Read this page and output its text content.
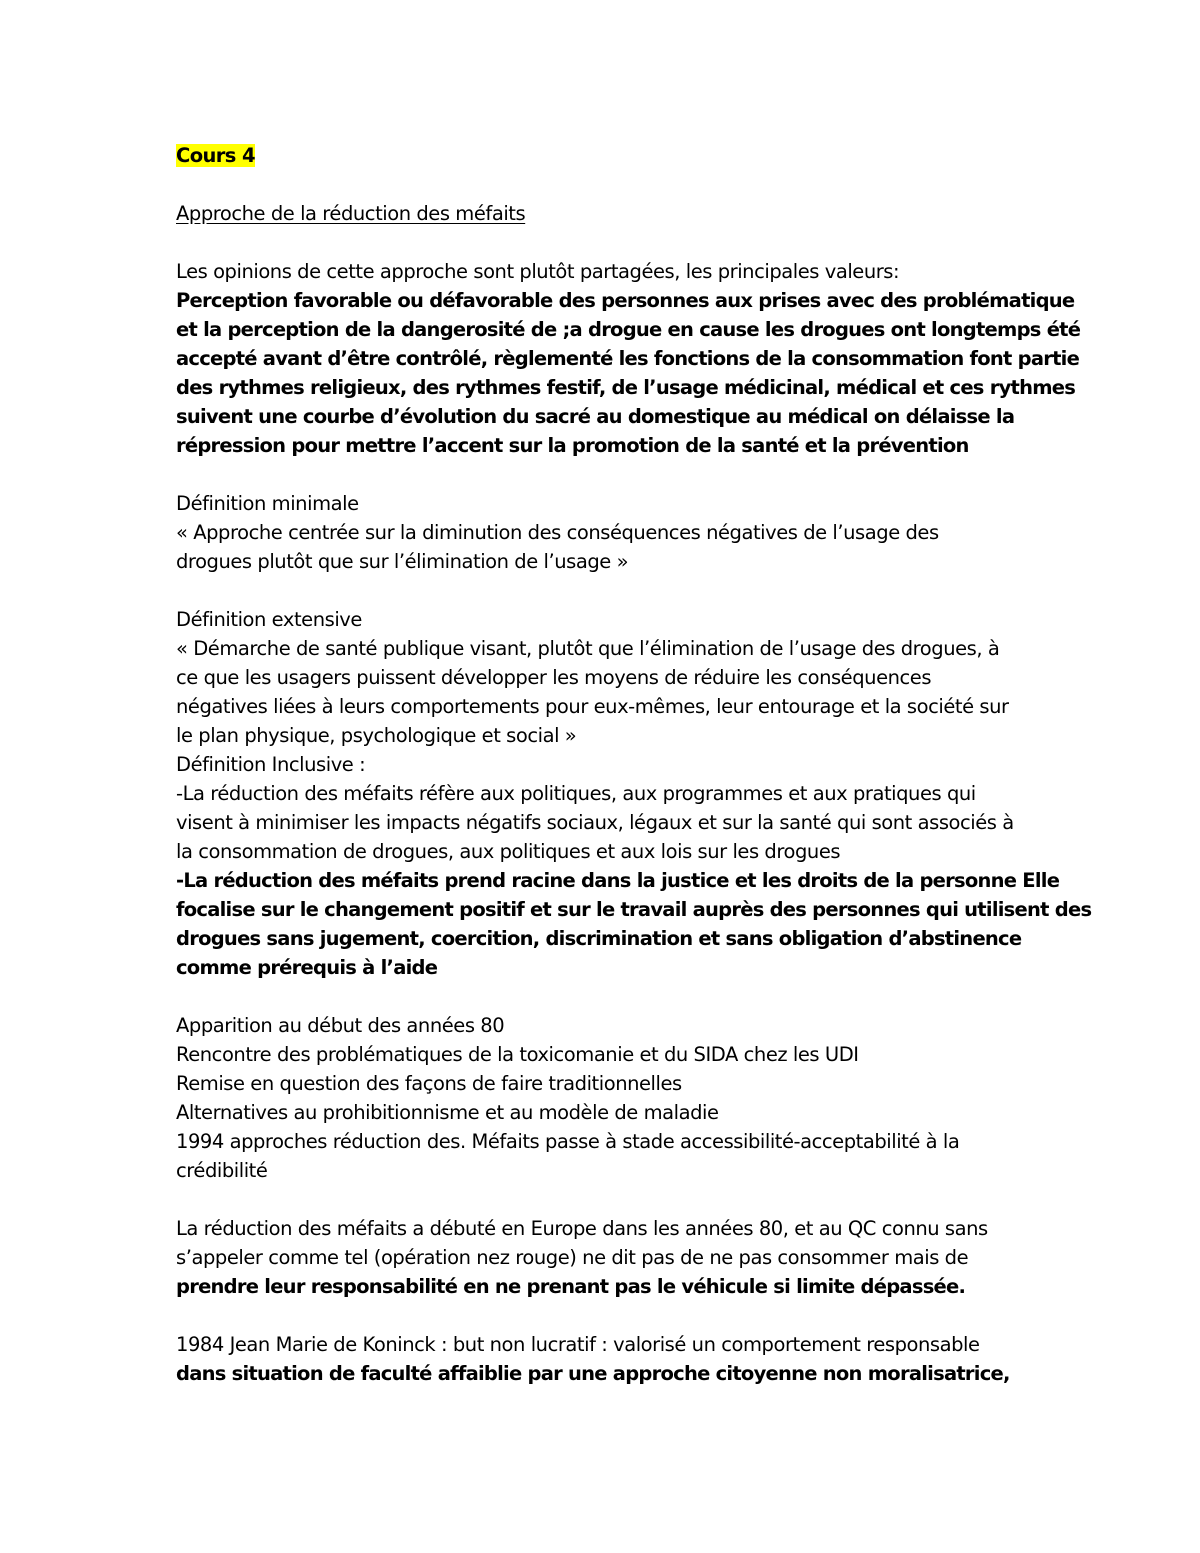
Cours 4
Approche de la réduction des méfaits
Les opinions de cette approche sont plutôt partagées, les principales valeurs:
Perception favorable ou défavorable des personnes aux prises avec des problématique
et la perception de la dangerosité de ;a drogue en cause les drogues ont longtemps été
accepté avant d’être contrôlé, règlementé les fonctions de la consommation font partie
des rythmes religieux, des rythmes festif, de l’usage médicinal, médical et ces rythmes
suivent une courbe d’évolution du sacré au domestique au médical on délaisse la
répression pour mettre l’accent sur la promotion de la santé et la prévention
Définition minimale
« Approche centrée sur la diminution des conséquences négatives de l’usage des
drogues plutôt que sur l’élimination de l’usage »
Définition extensive
« Démarche de santé publique visant, plutôt que l’élimination de l’usage des drogues, à
ce que les usagers puissent développer les moyens de réduire les conséquences
négatives liées à leurs comportements pour eux-mêmes, leur entourage et la société sur
le plan physique, psychologique et social »
Définition Inclusive :
-La réduction des méfaits réfère aux politiques, aux programmes et aux pratiques qui
visent à minimiser les impacts négatifs sociaux, légaux et sur la santé qui sont associés à
la consommation de drogues, aux politiques et aux lois sur les drogues
-La réduction des méfaits prend racine dans la justice et les droits de la personne Elle
focalise sur le changement positif et sur le travail auprès des personnes qui utilisent des
drogues sans jugement, coercition, discrimination et sans obligation d’abstinence
comme prérequis à l’aide
Apparition au début des années 80
Rencontre des problématiques de la toxicomanie et du SIDA chez les UDI
Remise en question des façons de faire traditionnelles
Alternatives au prohibitionnisme et au modèle de maladie
1994 approches réduction des. Méfaits passe à stade accessibilité-acceptabilité à la
crédibilité
La réduction des méfaits a débuté en Europe dans les années 80, et au QC connu sans
s’appeler comme tel (opération nez rouge) ne dit pas de ne pas consommer mais de
prendre leur responsabilité en ne prenant pas le véhicule si limite dépassée.
1984 Jean Marie de Koninck : but non lucratif : valorisé un comportement responsable
dans situation de faculté affaiblie par une approche citoyenne non moralisatrice,
